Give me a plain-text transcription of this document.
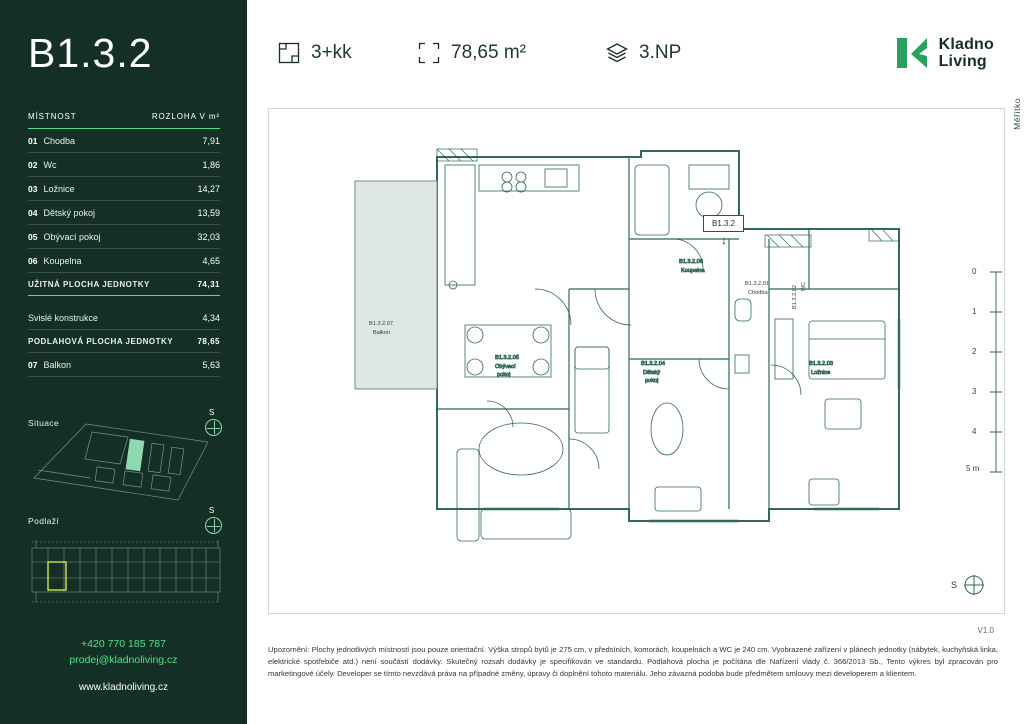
B1.3.2
MÍSTNOST	ROZLOHA V m²
01 Chodba	7,91
02 Wc	1,86
03 Ložnice	14,27
04 Dětský pokoj	13,59
05 Obývací pokoj	32,03
06 Koupelna	4,65
UŽITNÁ PLOCHA JEDNOTKY	74,31
Svislé konstrukce	4,34
PODLAHOVÁ PLOCHA JEDNOTKY	78,65
07 Balkon	5,63
Situace
S
Podlaží
S
+420 770 185 787
prodej@kladnoliving.cz
www.kladnoliving.cz
3+kk	78,65 m²	3.NP	Kladno
Living
B1.3.2.07
Balkon
B1.3.2.06
Koupelna
B1.3.2.05
Obývací
pokoj
B1.3.2.04
Dětský
pokoj
B1.3.2.03
Ložnice
B1.3.2.01
Chodba	B1.3.2.02 WC
B1.3.2
↓
S
Měřítko
0
1
2
3
4
5 m
V1.0
Upozornění: Plochy jednotlivých místností jsou pouze orientační. Výška stropů bytů je 275 cm, v předsíních, komorách, koupelnách a WC je 240 cm. Vyobrazené zařízení v plánech jednotky (nábytek, kuchyňská linka, elektrické spotřebiče atd.) není součástí dodávky. Skutečný rozsah dodávky je specifikován ve standardu. Podlahová plocha je počítána dle Nařízení vlády č. 366/2013 Sb., Tento výkres byl zpracován pro marketingové účely. Developer se tímto nevzdává práva na případné změny, úpravy či doplnění tohoto materiálu. Jeho závazná podoba bude předmětem smlouvy mezi developerem a klientem.
